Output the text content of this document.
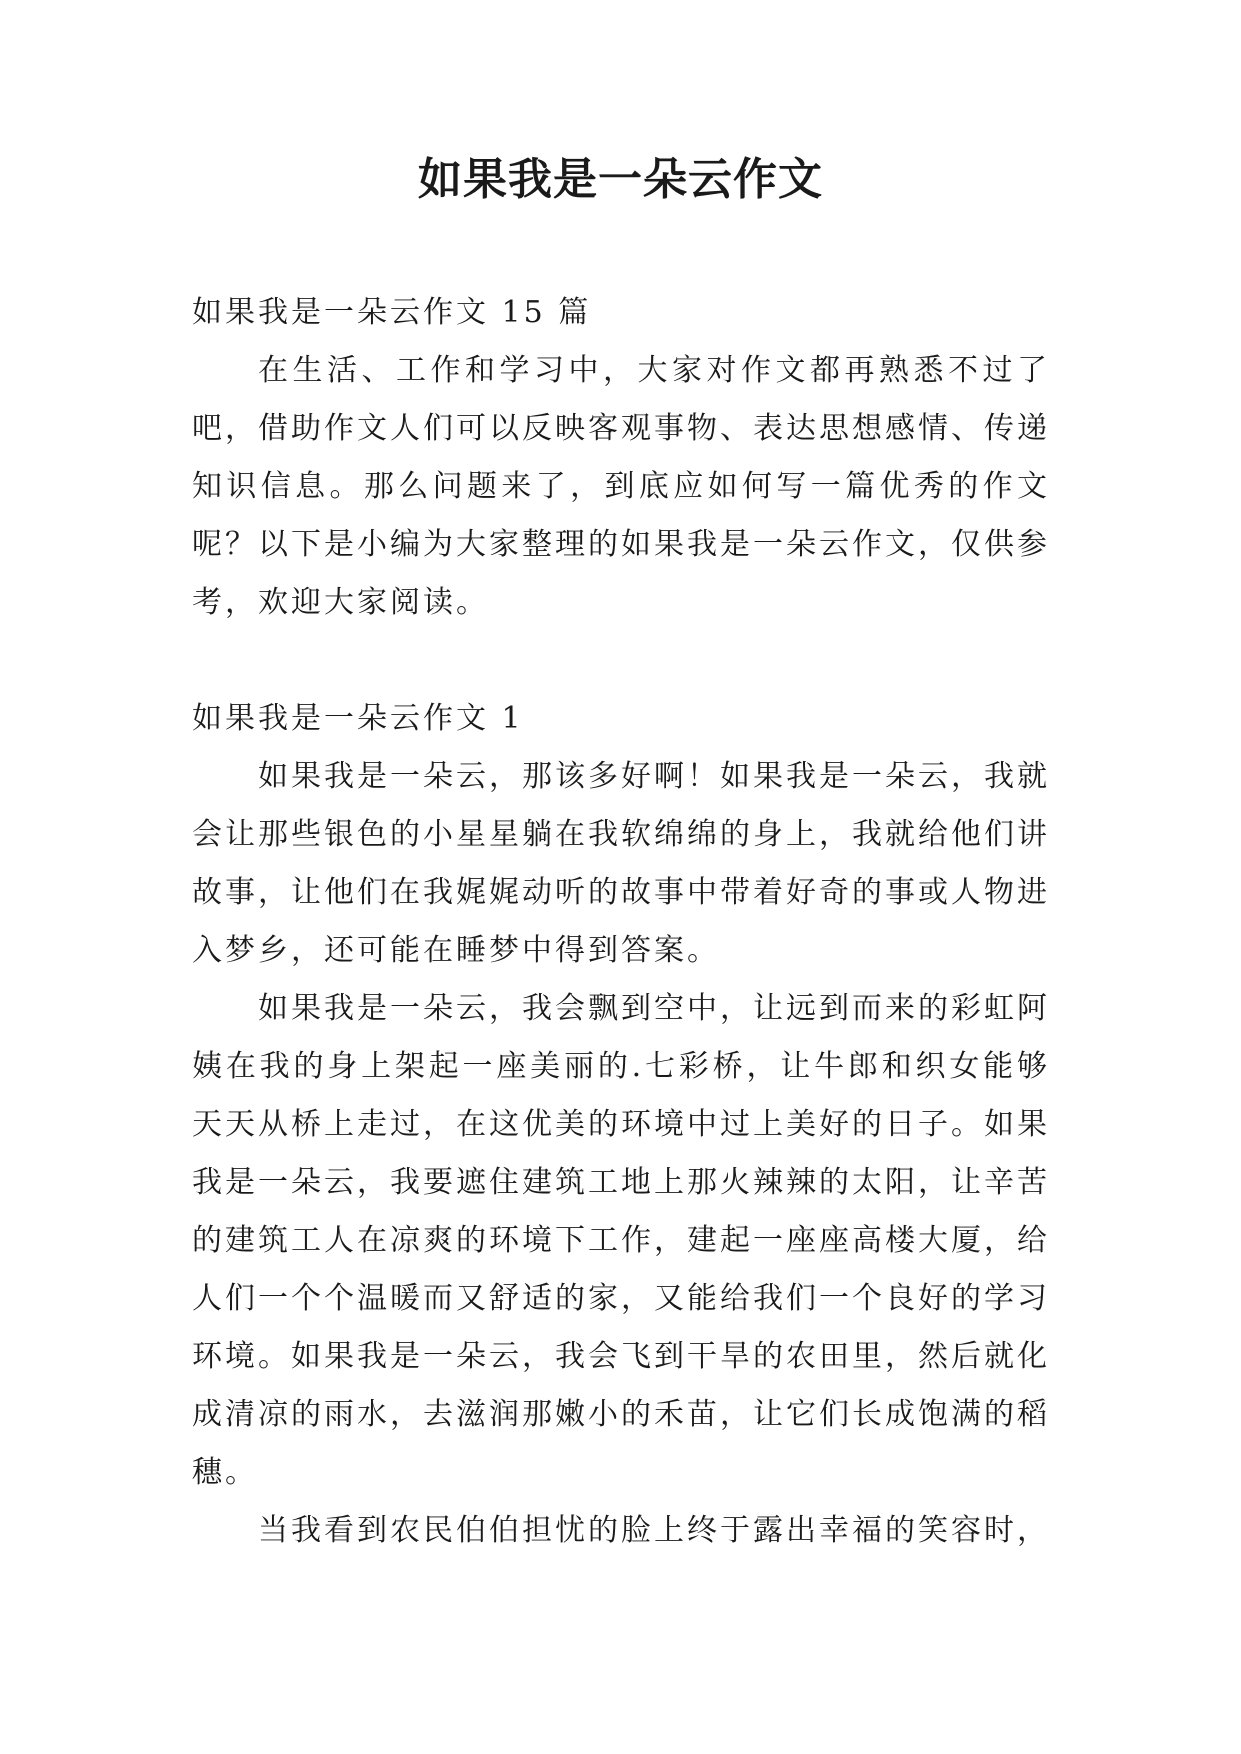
如果我是一朵云作文

如果我是一朵云作文 15 篇

在生活、工作和学习中，大家对作文都再熟悉不过了吧，借助作文人们可以反映客观事物、表达思想感情、传递知识信息。那么问题来了，到底应如何写一篇优秀的作文呢？以下是小编为大家整理的如果我是一朵云作文，仅供参考，欢迎大家阅读。

如果我是一朵云作文 1

如果我是一朵云，那该多好啊！如果我是一朵云，我就会让那些银色的小星星躺在我软绵绵的身上，我就给他们讲故事，让他们在我娓娓动听的故事中带着好奇的事或人物进入梦乡，还可能在睡梦中得到答案。

如果我是一朵云，我会飘到空中，让远到而来的彩虹阿姨在我的身上架起一座美丽的.七彩桥，让牛郎和织女能够天天从桥上走过，在这优美的环境中过上美好的日子。如果我是一朵云，我要遮住建筑工地上那火辣辣的太阳，让辛苦的建筑工人在凉爽的环境下工作，建起一座座高楼大厦，给人们一个个温暖而又舒适的家，又能给我们一个良好的学习环境。如果我是一朵云，我会飞到干旱的农田里，然后就化成清凉的雨水，去滋润那嫩小的禾苗，让它们长成饱满的稻穗。

当我看到农民伯伯担忧的脸上终于露出幸福的笑容时，
